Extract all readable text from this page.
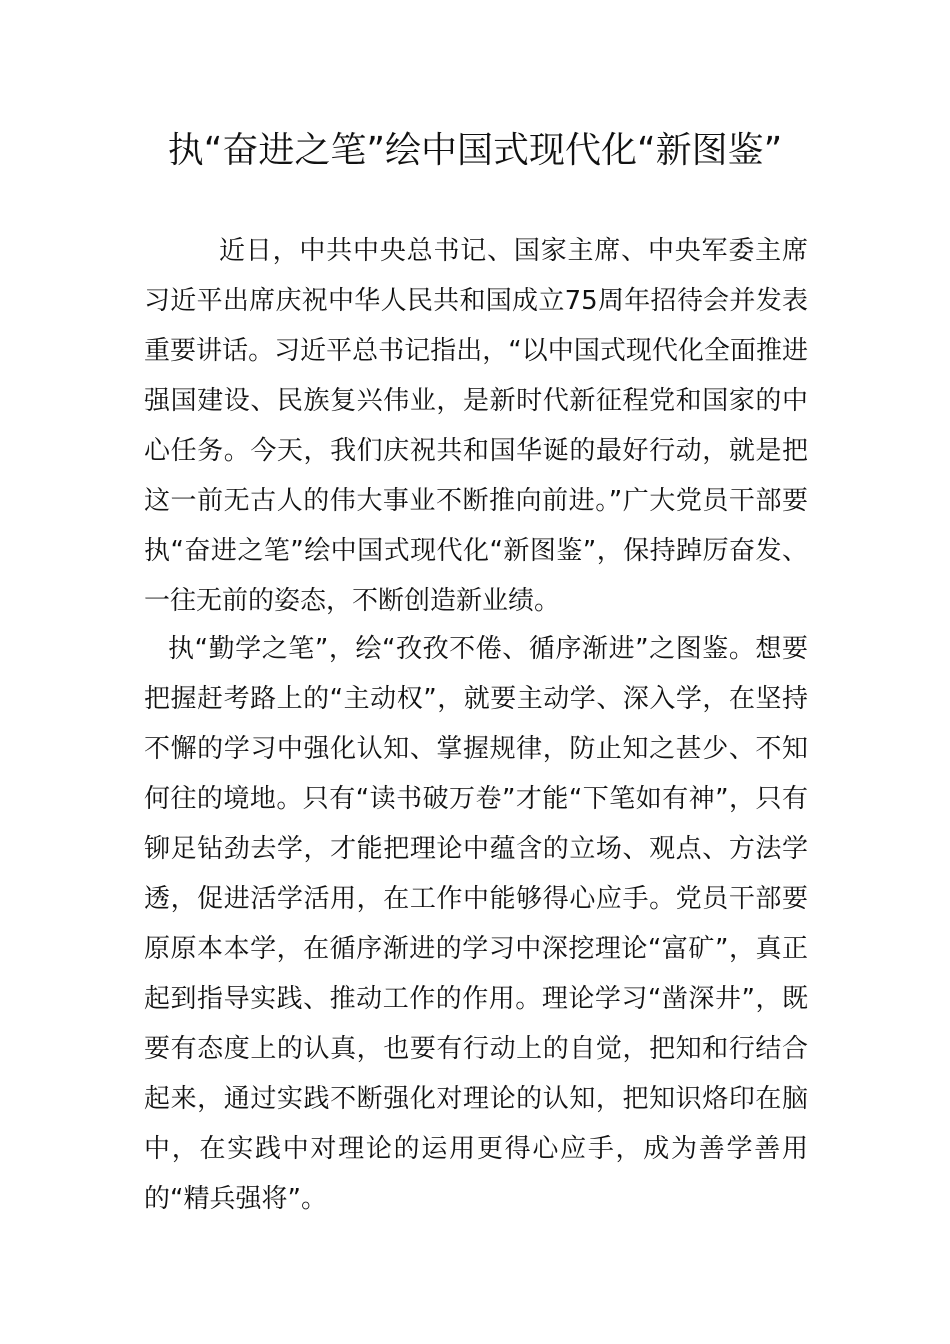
执“奋进之笔”绘中国式现代化“新图鉴”

近日，中共中央总书记、国家主席、中央军委主席习近平出席庆祝中华人民共和国成立75周年招待会并发表重要讲话。习近平总书记指出，“以中国式现代化全面推进强国建设、民族复兴伟业，是新时代新征程党和国家的中心任务。今天，我们庆祝共和国华诞的最好行动，就是把这一前无古人的伟大事业不断推向前进。”广大党员干部要执“奋进之笔”绘中国式现代化“新图鉴”，保持踔厉奋发、一往无前的姿态，不断创造新业绩。

执“勤学之笔”，绘“孜孜不倦、循序渐进”之图鉴。想要把握赶考路上的“主动权”，就要主动学、深入学，在坚持不懈的学习中强化认知、掌握规律，防止知之甚少、不知何往的境地。只有“读书破万卷”才能“下笔如有神”，只有铆足钻劲去学，才能把理论中蕴含的立场、观点、方法学透，促进活学活用，在工作中能够得心应手。党员干部要原原本本学，在循序渐进的学习中深挖理论“富矿”，真正起到指导实践、推动工作的作用。理论学习“凿深井”，既要有态度上的认真，也要有行动上的自觉，把知和行结合起来，通过实践不断强化对理论的认知，把知识烙印在脑中，在实践中对理论的运用更得心应手，成为善学善用的“精兵强将”。
